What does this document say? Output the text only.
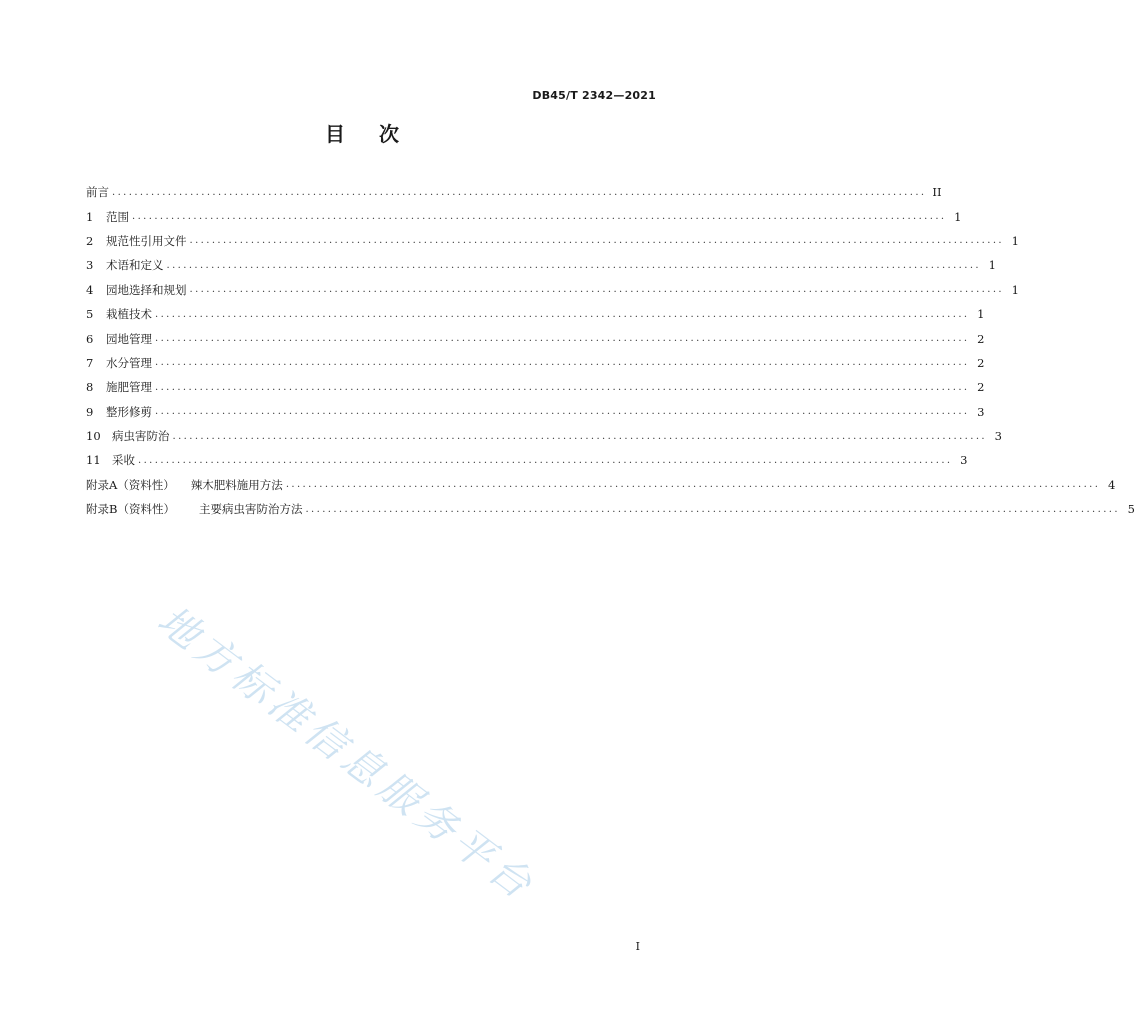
DB45/T 2342—2021
目 次
前言 .................................................................................................................................................. II
1	范围 .................................................................................................................................................. 1
2	规范性引用文件 .................................................................................................................................................. 1
3	术语和定义 .................................................................................................................................................. 1
4	园地选择和规划 .................................................................................................................................................. 1
5	栽植技术 .................................................................................................................................................. 1
6	园地管理 .................................................................................................................................................. 2
7	水分管理 .................................................................................................................................................. 2
8	施肥管理 .................................................................................................................................................. 2
9	整形修剪 .................................................................................................................................................. 3
10 病虫害防治 .................................................................................................................................................. 3
11 采收 .................................................................................................................................................. 3
附录A（资料性） 辣木肥料施用方法 .................................................................................................................................................. 4
附录B（资料性） 主要病虫害防治方法 .................................................................................................................................................. 5
地方标准信息服务平台
I
